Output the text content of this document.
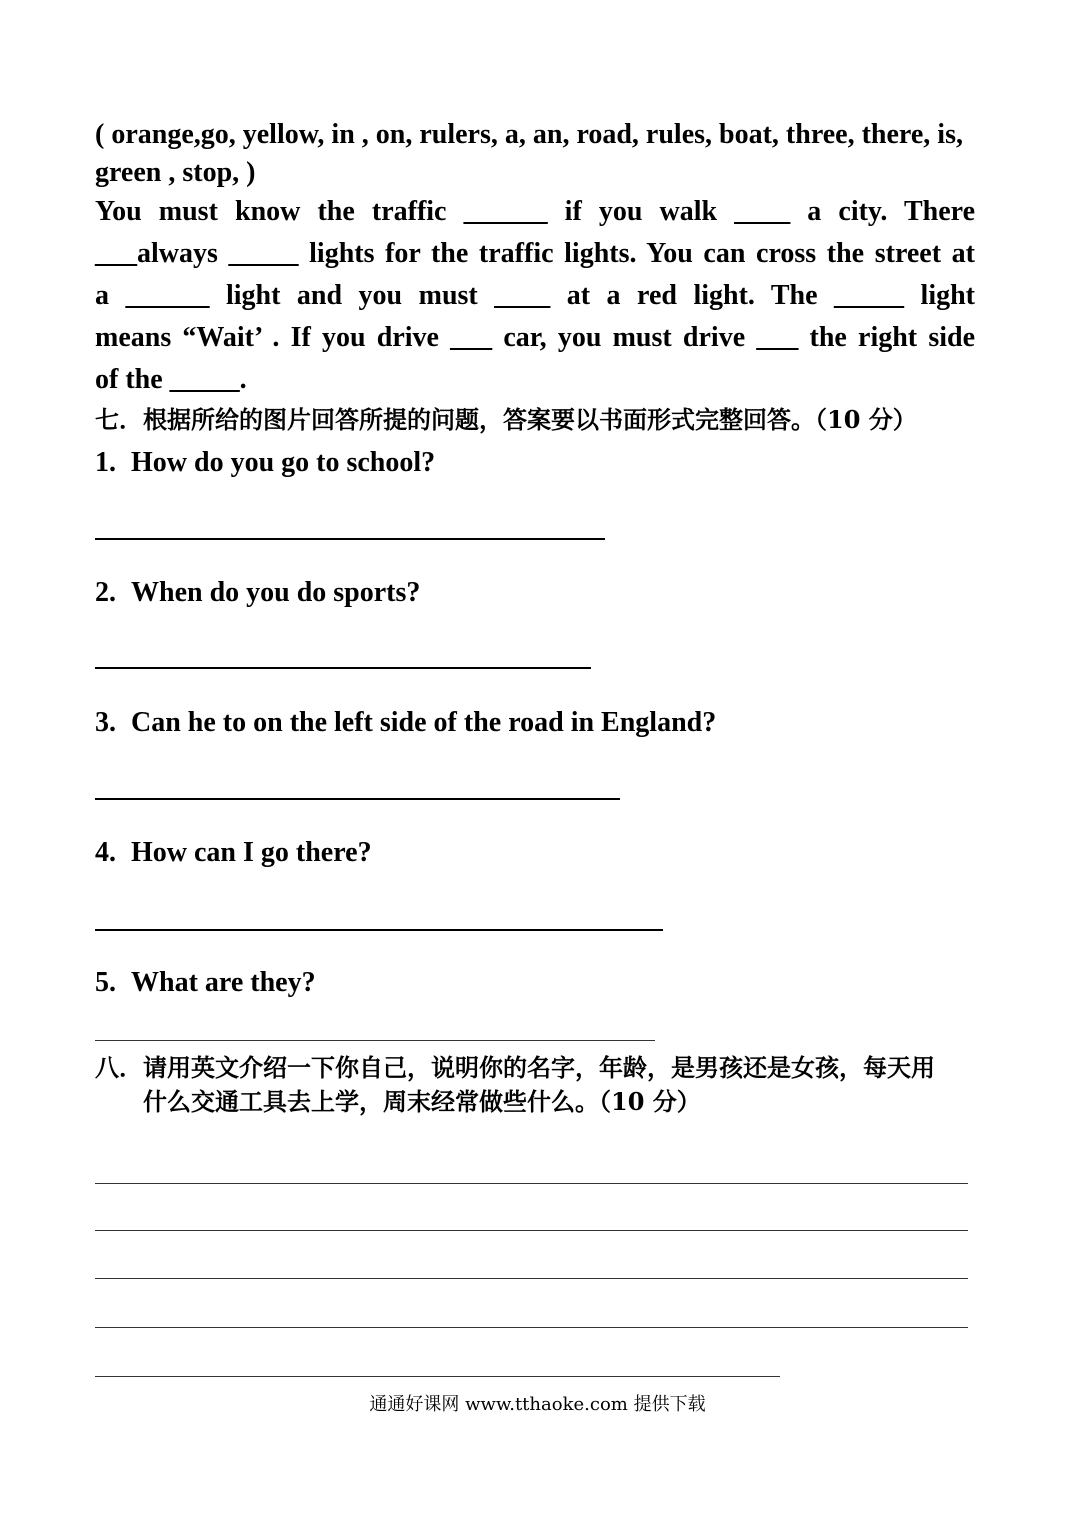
( orange,go, yellow, in , on, rulers, a, an, road, rules, boat, three, there, is, green , stop, )
You must know the traffic ______ if you walk ____ a city. There
___always _____ lights for the traffic lights. You can cross the street at
a ______ light and you must ____ at a red light. The _____ light
means “Wait’ . If you drive ___ car, you must drive ___ the right side
of the _____.
七．根据所给的图片回答所提的问题，答案要以书面形式完整回答。（10 分）
1. How do you go to school?
2. When do you do sports?
3. Can he to on the left side of the road in England?
4. How can I go there?
5. What are they?
八．请用英文介绍一下你自己，说明你的名字，年龄，是男孩还是女孩，每天用
什么交通工具去上学，周末经常做些什么。（10 分）
通通好课网 www.tthaoke.com 提供下载
